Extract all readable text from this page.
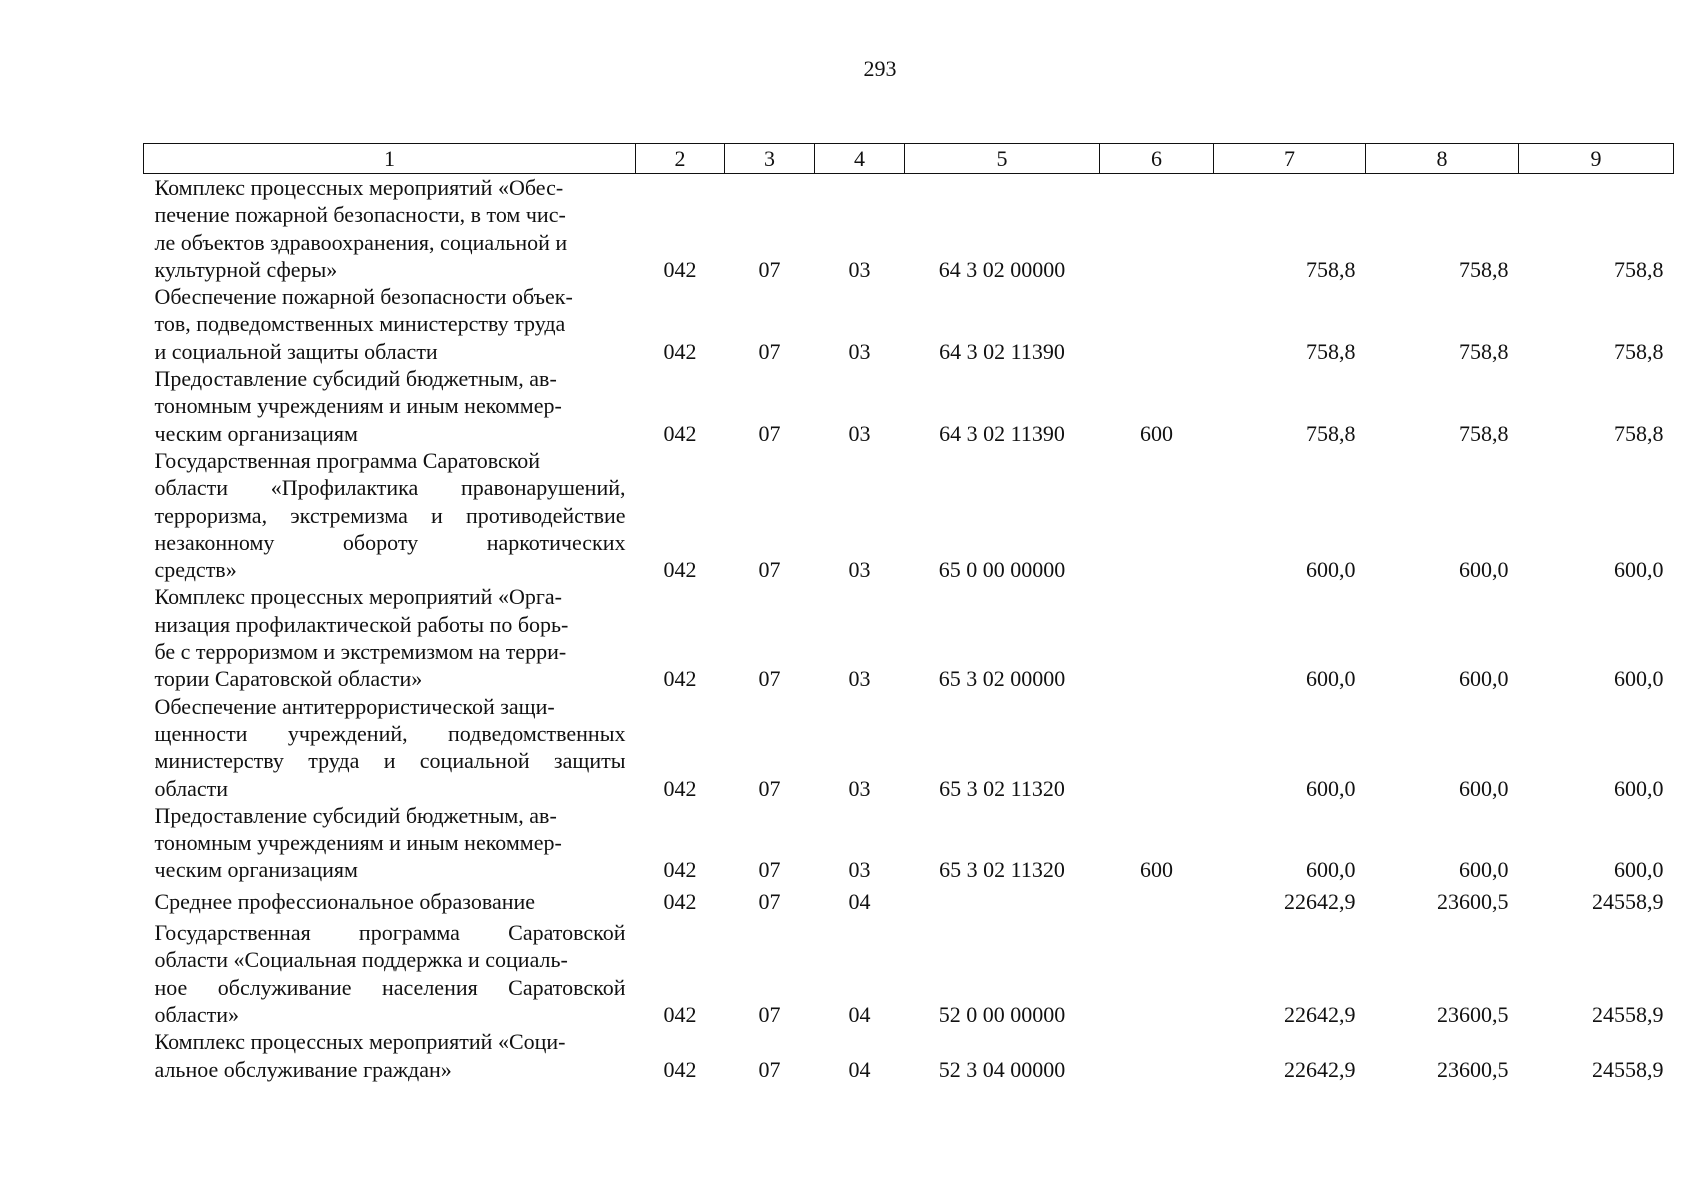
293
1	2	3	4	5	6	7	8	9

Комплекс процессных мероприятий «Обес-
печение пожарной безопасности, в том чис-
ле объектов здравоохранения, социальной и
культурной сферы»	042	07	03	64 3 02 00000		758,8	758,8	758,8

Обеспечение пожарной безопасности объек-
тов, подведомственных министерству труда
и социальной защиты области	042	07	03	64 3 02 11390		758,8	758,8	758,8

Предоставление субсидий бюджетным, ав-
тономным учреждениям и иным некоммер-
ческим организациям	042	07	03	64 3 02 11390	600	758,8	758,8	758,8

Государственная программа Саратовской
области «Профилактика правонарушений,
терроризма, экстремизма и противодействие
незаконному обороту наркотических
средств»	042	07	03	65 0 00 00000		600,0	600,0	600,0

Комплекс процессных мероприятий «Орга-
низация профилактической работы по борь-
бе с терроризмом и экстремизмом на терри-
тории Саратовской области»	042	07	03	65 3 02 00000		600,0	600,0	600,0

Обеспечение антитеррористической защи-
щенности учреждений, подведомственных
министерству труда и социальной защиты
области	042	07	03	65 3 02 11320		600,0	600,0	600,0

Предоставление субсидий бюджетным, ав-
тономным учреждениям и иным некоммер-
ческим организациям	042	07	03	65 3 02 11320	600	600,0	600,0	600,0

Среднее профессиональное образование	042	07	04			22642,9	23600,5	24558,9

Государственная программа Саратовской
области «Социальная поддержка и социаль-
ное обслуживание населения Саратовской
области»	042	07	04	52 0 00 00000		22642,9	23600,5	24558,9

Комплекс процессных мероприятий «Соци-
альное обслуживание граждан»	042	07	04	52 3 04 00000		22642,9	23600,5	24558,9
